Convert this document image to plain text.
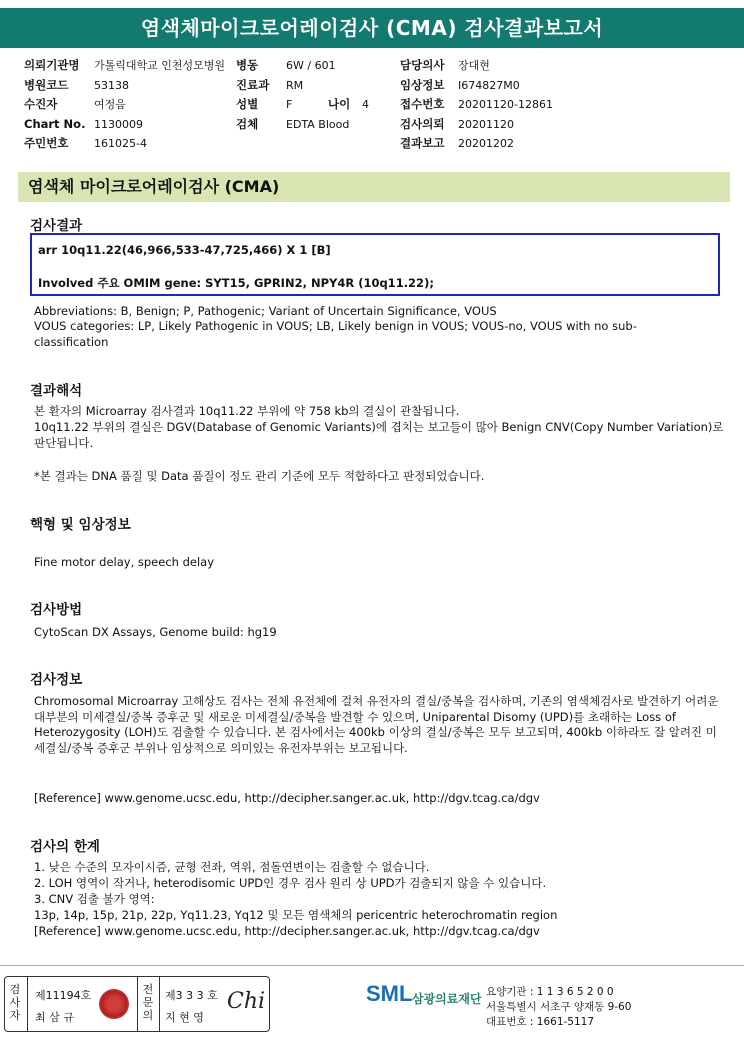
염색체마이크로어레이검사 (CMA) 검사결과보고서
의뢰기관명 가톨릭대학교 인천성모병원
병원코드 53138
수진자	여정음
Chart No. 1130009
주민번호 161025-4
병동	6W / 601
진료과 RM
성별	F	나이 4
검체	EDTA Blood
담당의사 장대현
임상정보 I674827M0
접수번호 20201120-12861
검사의뢰 20201120
결과보고 20201202
염색체 마이크로어레이검사 (CMA)
검사결과
arr 10q11.22(46,966,533-47,725,466) X 1 [B]
Involved 주요 OMIM gene: SYT15, GPRIN2, NPY4R (10q11.22);
Abbreviations: B, Benign; P, Pathogenic; Variant of Uncertain Significance, VOUS
VOUS categories: LP, Likely Pathogenic in VOUS; LB, Likely benign in VOUS; VOUS-no, VOUS with no sub-classification
결과해석
본 환자의 Microarray 검사결과 10q11.22 부위에 약 758 kb의 결실이 관찰됩니다.
10q11.22 부위의 결실은 DGV(Database of Genomic Variants)에 겹치는 보고들이 많아 Benign CNV(Copy Number Variation)로 판단됩니다.
*본 결과는 DNA 품질 및 Data 품질이 정도 관리 기준에 모두 적합하다고 판정되었습니다.
핵형 및 임상정보
Fine motor delay, speech delay
검사방법
CytoScan DX Assays, Genome build: hg19
검사정보
Chromosomal Microarray 고해상도 검사는 전체 유전체에 걸쳐 유전자의 결실/중복을 검사하며, 기존의 염색체검사로 발견하기 어려운 대부분의 미세결실/중복 증후군 및 새로운 미세결실/중복을 발견할 수 있으며, Uniparental Disomy (UPD)를 초래하는 Loss of Heterozygosity (LOH)도 검출할 수 있습니다. 본 검사에서는 400kb 이상의 결실/중복은 모두 보고되며, 400kb 이하라도 잘 알려진 미세결실/중복 증후군 부위나 임상적으로 의미있는 유전자부위는 보고됩니다.
[Reference] www.genome.ucsc.edu, http://decipher.sanger.ac.uk, http://dgv.tcag.ca/dgv
검사의 한계
1. 낮은 수준의 모자이시즘, 균형 전좌, 역위, 점돌연변이는 검출할 수 없습니다.
2. LOH 영역이 작거나, heterodisomic UPD인 경우 검사 원리 상 UPD가 검출되지 않을 수 있습니다.
3. CNV 검출 불가 영역:
13p, 14p, 15p, 21p, 22p, Yq11.23, Yq12 및 모든 염색체의 pericentric heterochromatin region
[Reference] www.genome.ucsc.edu, http://decipher.sanger.ac.uk, http://dgv.tcag.ca/dgv
검사자
제11194호
최 삼 규
전문의
제3 3 3 호
지 현 영
Chi	SML 삼광의료재단 요양기관 : 1 1 3 6 5 2 0 0
서울특별시 서초구 양재동 9-60
대표번호 : 1661-5117
